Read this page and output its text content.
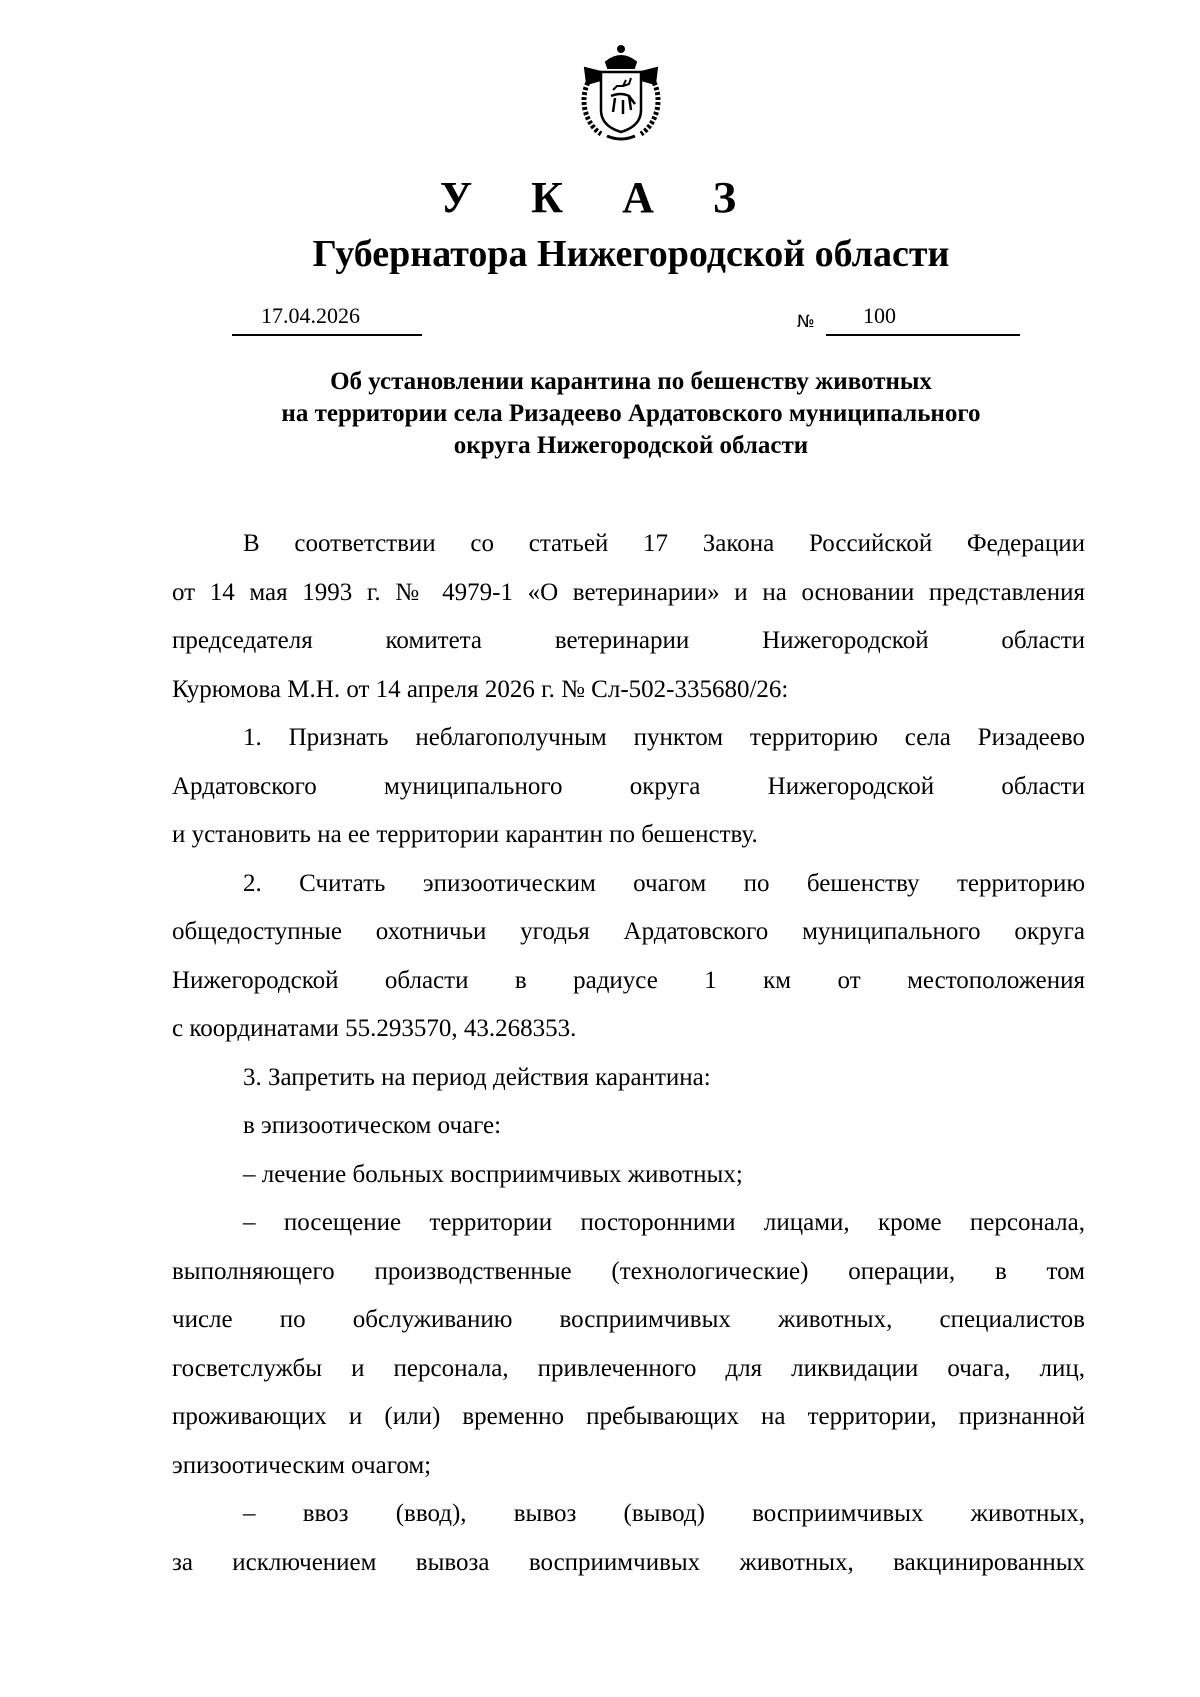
У К А З
Губернатора Нижегородской области
17.04.2026	№ 100
Об установлении карантина по бешенству животных
на территории села Ризадеево Ардатовского муниципального
округа Нижегородской области

В соответствии со статьей 17 Закона Российской Федерации

от 14 мая 1993 г. № 4979-1 «О ветеринарии» и на основании представления

председателя комитета ветеринарии Нижегородской области

Курюмова М.Н. от 14 апреля 2026 г. № Сл-502-335680/26:

1. Признать неблагополучным пунктом территорию села Ризадеево

Ардатовского муниципального округа Нижегородской области

и установить на ее территории карантин по бешенству.

2. Считать эпизоотическим очагом по бешенству территорию

общедоступные охотничьи угодья Ардатовского муниципального округа

Нижегородской области в радиусе 1 км от местоположения

с координатами 55.293570, 43.268353.

3. Запретить на период действия карантина:

в эпизоотическом очаге:

– лечение больных восприимчивых животных;

– посещение территории посторонними лицами, кроме персонала,

выполняющего производственные (технологические) операции, в том

числе по обслуживанию восприимчивых животных, специалистов

госветслужбы и персонала, привлеченного для ликвидации очага, лиц,

проживающих и (или) временно пребывающих на территории, признанной

эпизоотическим очагом;

– ввоз (ввод), вывоз (вывод) восприимчивых животных,

за исключением вывоза восприимчивых животных, вакцинированных
